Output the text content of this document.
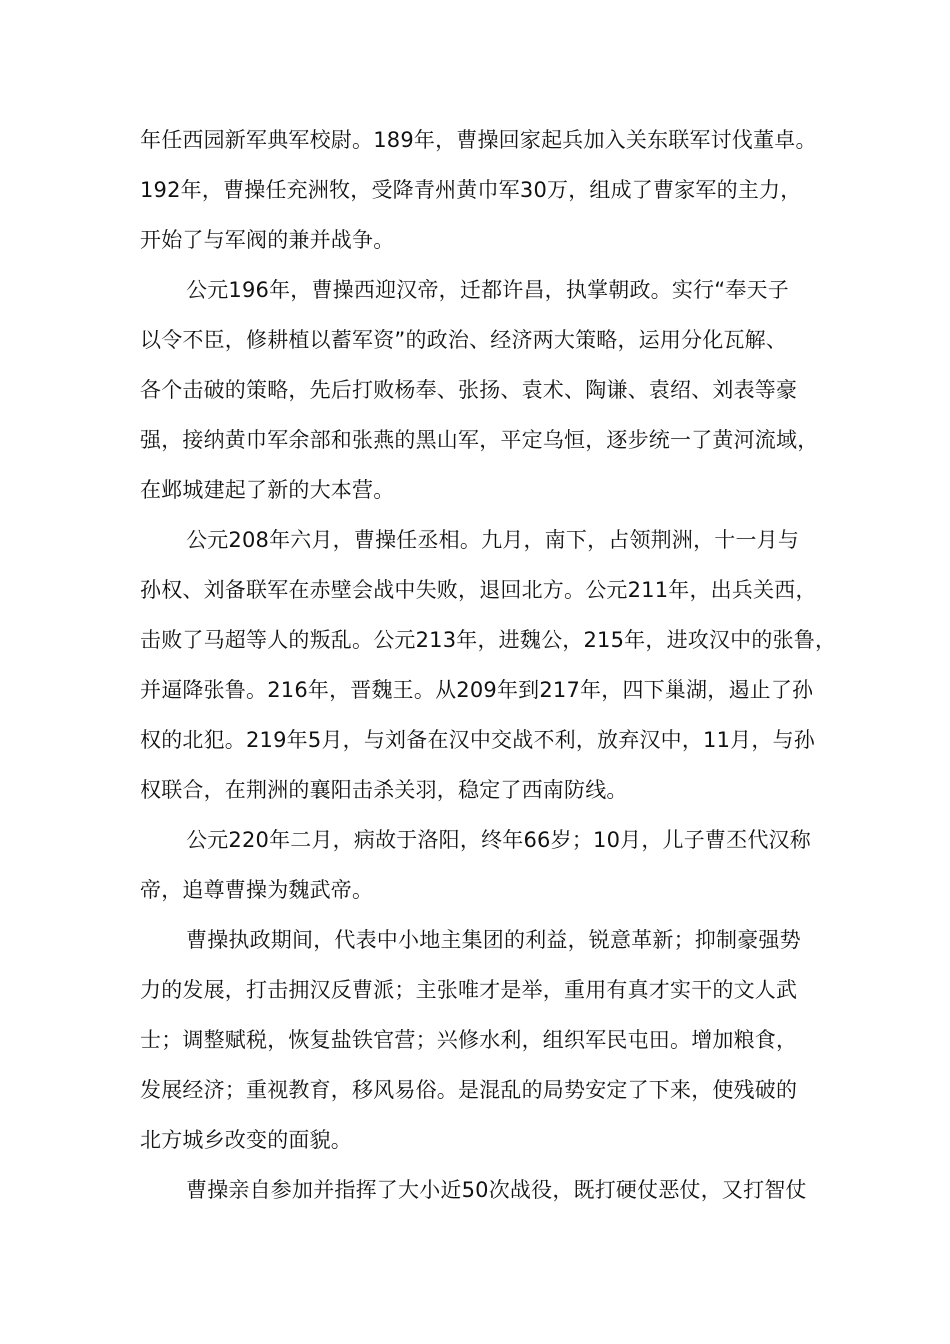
年任西园新军典军校尉。189年，曹操回家起兵加入关东联军讨伐董卓。
192年，曹操任充洲牧，受降青州黄巾军30万，组成了曹家军的主力，
开始了与军阀的兼并战争。
公元196年，曹操西迎汉帝，迁都许昌，执掌朝政。实行“奉天子
以令不臣，修耕植以蓄军资”的政治、经济两大策略，运用分化瓦解、
各个击破的策略，先后打败杨奉、张扬、袁术、陶谦、袁绍、刘表等豪
强，接纳黄巾军余部和张燕的黑山军，平定乌恒，逐步统一了黄河流域，
在邺城建起了新的大本营。
公元208年六月，曹操任丞相。九月，南下，占领荆洲，十一月与
孙权、刘备联军在赤壁会战中失败，退回北方。公元211年，出兵关西，
击败了马超等人的叛乱。公元213年，进魏公，215年，进攻汉中的张鲁，
并逼降张鲁。216年，晋魏王。从209年到217年，四下巢湖，遏止了孙
权的北犯。219年5月，与刘备在汉中交战不利，放弃汉中，11月，与孙
权联合，在荆洲的襄阳击杀关羽，稳定了西南防线。
公元220年二月，病故于洛阳，终年66岁；10月，儿子曹丕代汉称
帝，追尊曹操为魏武帝。
曹操执政期间，代表中小地主集团的利益，锐意革新；抑制豪强势
力的发展，打击拥汉反曹派；主张唯才是举，重用有真才实干的文人武
士；调整赋税，恢复盐铁官营；兴修水利，组织军民屯田。增加粮食，
发展经济；重视教育，移风易俗。是混乱的局势安定了下来，使残破的
北方城乡改变的面貌。
曹操亲自参加并指挥了大小近50次战役，既打硬仗恶仗，又打智仗
